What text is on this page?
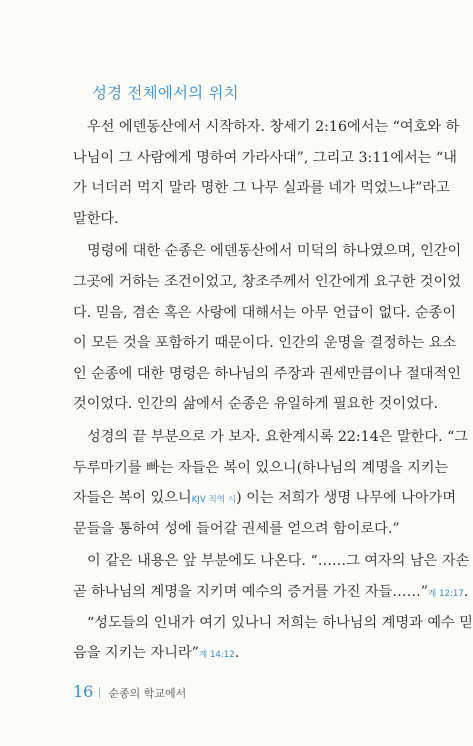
성경 전체에서의 위치
우선 에덴동산에서 시작하자. 창세기 2:16에서는 “여호와 하
나님이 그 사람에게 명하여 가라사대”, 그리고 3:11에서는 “내
가 너더러 먹지 말라 명한 그 나무 실과를 네가 먹었느냐”라고
말한다.
명령에 대한 순종은 에덴동산에서 미덕의 하나였으며, 인간이
그곳에 거하는 조건이었고, 창조주께서 인간에게 요구한 것이었
다. 믿음, 겸손 혹은 사랑에 대해서는 아무 언급이 없다. 순종이
이 모든 것을 포함하기 때문이다. 인간의 운명을 결정하는 요소
인 순종에 대한 명령은 하나님의 주장과 권세만큼이나 절대적인
것이었다. 인간의 삶에서 순종은 유일하게 필요한 것이었다.
성경의 끝 부분으로 가 보자. 요한계시록 22:14은 말한다. “그
두루마기를 빠는 자들은 복이 있으니(하나님의 계명을 지키는
자들은 복이 있으니KJV 직역 시) 이는 저희가 생명 나무에 나아가며
문들을 통하여 성에 들어갈 권세를 얻으려 함이로다.”
이 같은 내용은 앞 부분에도 나온다. “……그 여자의 남은 자손
곧 하나님의 계명을 지키며 예수의 증거를 가진 자들……”계 12:17.
“성도들의 인내가 여기 있나니 저희는 하나님의 계명과 예수 믿
음을 지키는 자니라”계 14:12.
16 순종의 학교에서
